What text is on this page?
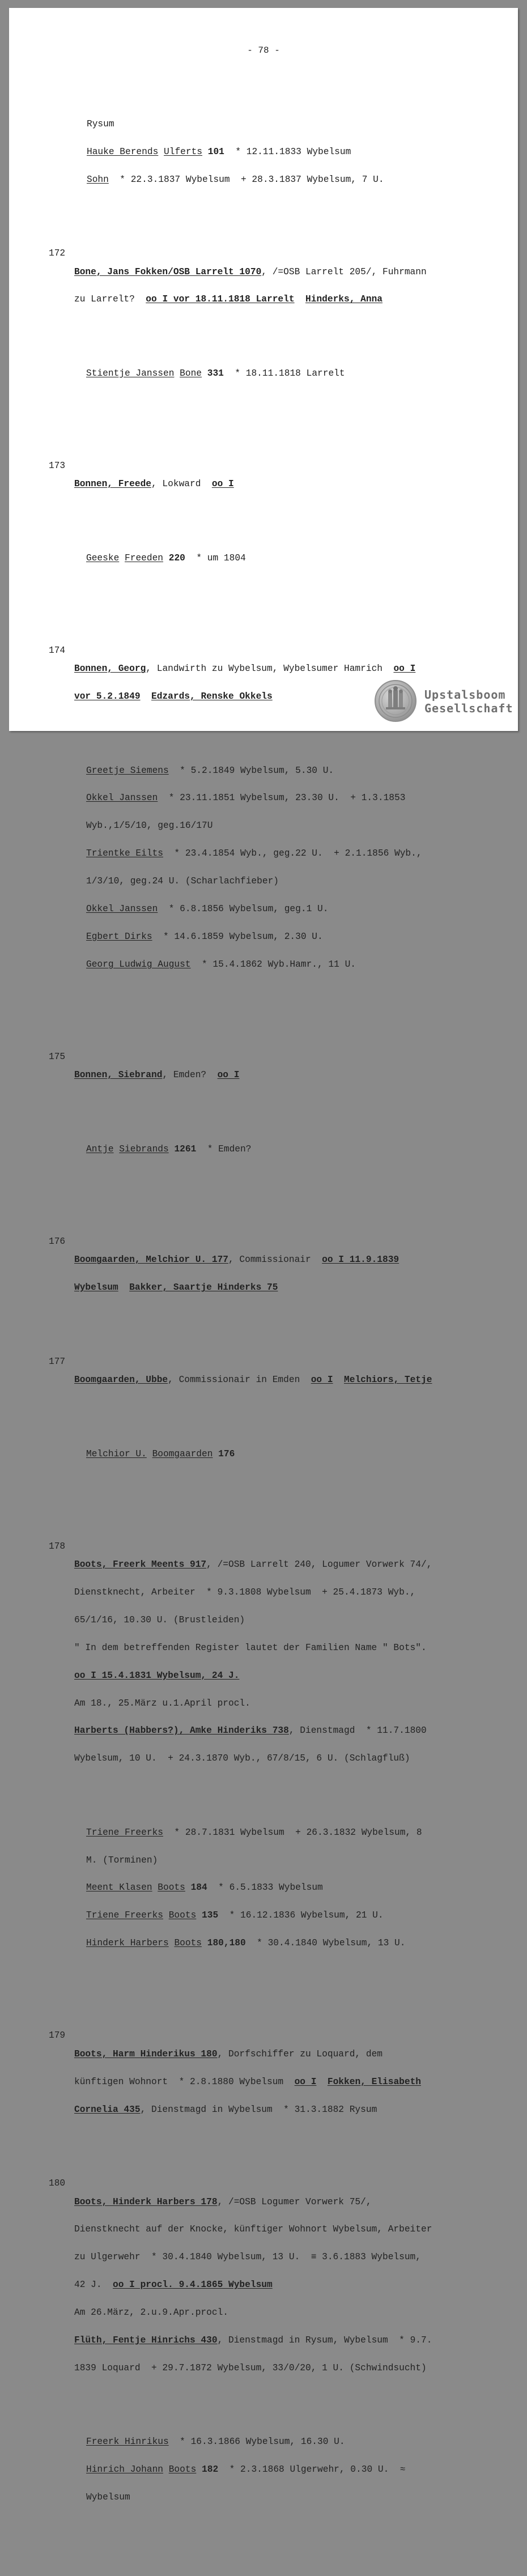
- 78 -

Rysum

Hauke Berends Ulferts 101  * 12.11.1833 Wybelsum

Sohn  * 22.3.1837 Wybelsum  + 28.3.1837 Wybelsum, 7 U.

172

Bone, Jans Fokken/OSB Larrelt 1070, /=OSB Larrelt 205/, Fuhrmann

zu Larrelt?  oo I vor 18.11.1818 Larrelt Hinderks, Anna

Stientje Janssen Bone 331  * 18.11.1818 Larrelt

173

Bonnen, Freede, Lokward  oo I

Geeske Freeden 220  * um 1804

174

Bonnen, Georg, Landwirth zu Wybelsum, Wybelsumer Hamrich  oo I

vor 5.2.1849 Edzards, Renske Okkels

Greetje Siemens  * 5.2.1849 Wybelsum, 5.30 U.

Okkel Janssen  * 23.11.1851 Wybelsum, 23.30 U.  + 1.3.1853

Wyb.,1/5/10, geg.16/17U

Trientke Eilts  * 23.4.1854 Wyb., geg.22 U.  + 2.1.1856 Wyb.,

1/3/10, geg.24 U. (Scharlachfieber)

Okkel Janssen  * 6.8.1856 Wybelsum, geg.1 U.

Egbert Dirks  * 14.6.1859 Wybelsum, 2.30 U.

Georg Ludwig August  * 15.4.1862 Wyb.Hamr., 11 U.

175

Bonnen, Siebrand, Emden?  oo I

Antje Siebrands 1261  * Emden?

176

Boomgaarden, Melchior U. 177, Commissionair  oo I 11.9.1839

Wybelsum Bakker, Saartje Hinderks 75

177

Boomgaarden, Ubbe, Commissionair in Emden  oo I Melchiors, Tetje

Melchior U. Boomgaarden 176

178

Boots, Freerk Meents 917, /=OSB Larrelt 240, Logumer Vorwerk 74/,

Dienstknecht, Arbeiter  * 9.3.1808 Wybelsum  + 25.4.1873 Wyb.,

65/1/16, 10.30 U. (Brustleiden)

" In dem betreffenden Register lautet der Familien Name " Bots".

oo I 15.4.1831 Wybelsum, 24 J.

Am 18., 25.März u.1.April procl.

Harberts (Habbers?), Amke Hinderiks 738, Dienstmagd  * 11.7.1800

Wybelsum, 10 U.  + 24.3.1870 Wyb., 67/8/15, 6 U. (Schlagfluß)

Triene Freerks  * 28.7.1831 Wybelsum  + 26.3.1832 Wybelsum, 8

M. (Torminen)

Meent Klasen Boots 184  * 6.5.1833 Wybelsum

Triene Freerks Boots 135  * 16.12.1836 Wybelsum, 21 U.

Hinderk Harbers Boots 180,180  * 30.4.1840 Wybelsum, 13 U.

179

Boots, Harm Hinderikus 180, Dorfschiffer zu Loquard, dem

künftigen Wohnort  * 2.8.1880 Wybelsum  oo I Fokken, Elisabeth

Cornelia 435, Dienstmagd in Wybelsum  * 31.3.1882 Rysum

180

Boots, Hinderk Harbers 178, /=OSB Logumer Vorwerk 75/,

Dienstknecht auf der Knocke, künftiger Wohnort Wybelsum, Arbeiter

zu Ulgerwehr  * 30.4.1840 Wybelsum, 13 U.  ≡ 3.6.1883 Wybelsum,

42 J.  oo I procl. 9.4.1865 Wybelsum

Am 26.März, 2.u.9.Apr.procl.

Flüth, Fentje Hinrichs 430, Dienstmagd in Rysum, Wybelsum  * 9.7.

1839 Loquard  + 29.7.1872 Wybelsum, 33/0/20, 1 U. (Schwindsucht)

Freerk Hinrikus  * 16.3.1866 Wybelsum, 16.30 U.

Hinrich Johann Boots 182  * 2.3.1868 Ulgerwehr, 0.30 U.  ≈

Wybelsum

Upstalsboom
Gesellschaft
